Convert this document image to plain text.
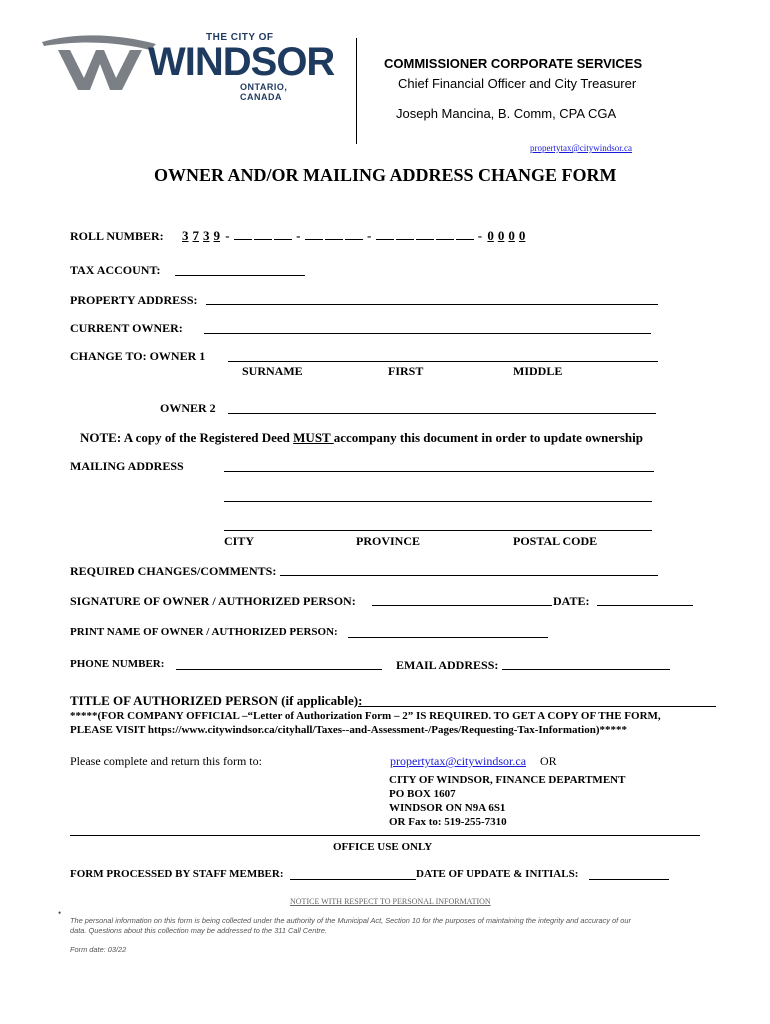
THE CITY OF
WINDSOR
ONTARIO, CANADA
COMMISSIONER CORPORATE SERVICES
Chief Financial Officer and City Treasurer
Joseph Mancina, B. Comm, CPA CGA
propertytax@citywindsor.ca
OWNER AND/OR MAILING ADDRESS CHANGE FORM
ROLL NUMBER: 3 7 3 9 -	-	-	- 0 0 0 0
TAX ACCOUNT:
PROPERTY ADDRESS:
CURRENT OWNER:
CHANGE TO: OWNER 1
SURNAME	FIRST	MIDDLE
OWNER 2
NOTE: A copy of the Registered Deed MUST accompany this document in order to update ownership
MAILING ADDRESS
CITY	PROVINCE	POSTAL CODE
REQUIRED CHANGES/COMMENTS:
SIGNATURE OF OWNER / AUTHORIZED PERSON:	DATE:
PRINT NAME OF OWNER / AUTHORIZED PERSON:
PHONE NUMBER:	EMAIL ADDRESS:
TITLE OF AUTHORIZED PERSON (if applicable):
*****(FOR COMPANY OFFICIAL –“Letter of Authorization Form – 2” IS REQUIRED. TO GET A COPY OF THE FORM,
PLEASE VISIT https://www.citywindsor.ca/cityhall/Taxes--and-Assessment-/Pages/Requesting-Tax-Information)*****
Please complete and return this form to:	propertytax@citywindsor.ca OR
CITY OF WINDSOR, FINANCE DEPARTMENT
PO BOX 1607
WINDSOR ON N9A 6S1
OR Fax to: 519-255-7310
OFFICE USE ONLY
FORM PROCESSED BY STAFF MEMBER:	DATE OF UPDATE & INITIALS:
NOTICE WITH RESPECT TO PERSONAL INFORMATION
•
The personal information on this form is being collected under the authority of the Municipal Act, Section 10 for the purposes of maintaining the integrity and accuracy of our
data. Questions about this collection may be addressed to the 311 Call Centre.
Form date: 03/22
